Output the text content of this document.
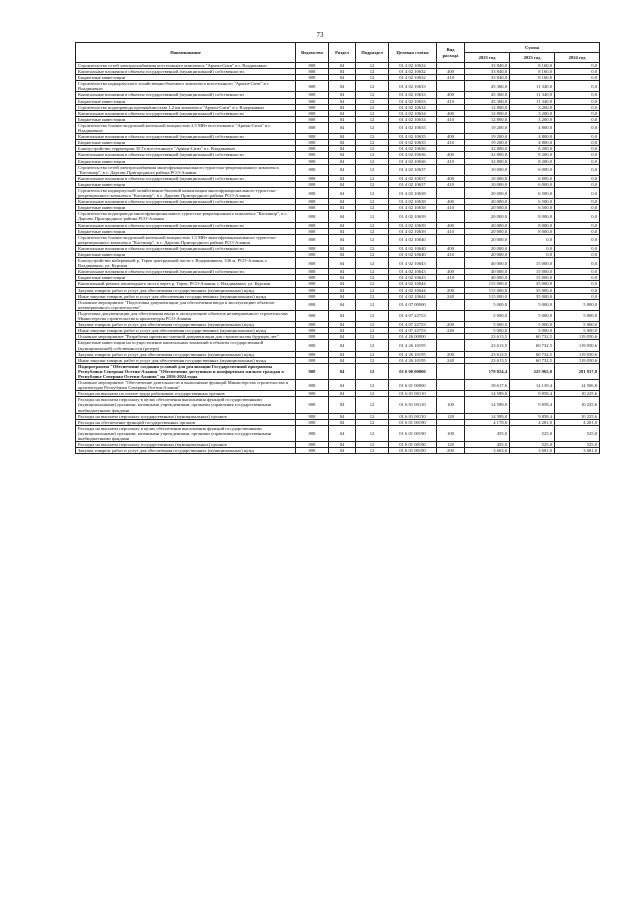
73
Наименование	Ведомство	Раздел	Подраздел	Целевая статья	Вид расхода	Сумма		
						2023 год	2023 год	2024 год
Строительство сетей электроснабжения всесезонного комплекса "Армхи-Сити" в г. Владикавказ	808	04	12	01 4 02 10632		33 840,0	8 160,0	0,0
Капитальные вложения в объекты государственной (муниципальной) собственности	808	04	12	01 4 02 10632	400	33 840,0	8 160,0	0,0
Бюджетные инвестиции	808	04	12	01 4 02 10632	410	33 840,0	8 160,0	0,0
Строительство надкорпусного хозяйственно-бытового комплекса всесезонного "Армхи-Сити" в г. Владикавказ	808	04	12	01 4 02 10633		45 360,0	11 340,0	0,0
Капитальные вложения в объекты государственной (муниципальной) собственности	808	04	12	01 4 02 10633	400	45 360,0	11 340,0	0,0
Бюджетные инвестиции	808	04	12	01 4 02 10633	410	45 360,0	11 340,0	0,0
Строительство водопровода протяжённостью 1,2 км комплекса "Армхи-Сити" в г. Владикавказ	808	04	12	01 4 02 10634		12 800,0	3 200,0	0,0
Капитальные вложения в объекты государственной (муниципальной) собственности	808	04	12	01 4 02 10634	400	12 800,0	3 200,0	0,0
Бюджетные инвестиции	808	04	12	01 4 02 10634	410	12 800,0	3 200,0	0,0
Строительство блочно-модульной котельной мощностью 2,5 МВт всесезонного "Армхи-Сити" в г. Владикавказ	808	04	12	01 4 02 10635		19 200,0	4 800,0	0,0
Капитальные вложения в объекты государственной (муниципальной) собственности	808	04	12	01 4 02 10635	400	19 200,0	4 800,0	0,0
Бюджетные инвестиции	808	04	12	01 4 02 10635	410	19 200,0	4 800,0	0,0
Благоустройство территории 35 Га всесезонного "Армхи-Сити" в г. Владикавказ	808	04	12	01 4 02 10636		32 800,0	8 200,0	0,0
Капитальные вложения в объекты государственной (муниципальной) собственности	808	04	12	01 4 02 10636	400	32 800,0	8 200,0	0,0
Бюджетные инвестиции	808	04	12	01 4 02 10636	410	32 800,0	8 200,0	0,0
Строительство сетей электроснабжения многофункционального туристско-рекреационного комплекса "Кастинор", в с. Даргавс Пригородного района РСО-Алания	808	04	12	01 4 02 10637		10 000,0	6 000,0	0,0
Капитальные вложения в объекты государственной (муниципальной) собственности	808	04	12	01 4 02 10637	400	10 000,0	6 000,0	0,0
Бюджетные инвестиции	808	04	12	01 4 02 10637	410	10 000,0	6 000,0	0,0
Строительство надкорпусной хозяйственно-бытовой канализации многофункционального туристско-рекреационного комплекса "Кастинор", в с. Даргавс Пригородного района РСО-Алания	808	04	12	01 4 02 10638		20 000,0	6 500,0	0,0
Капитальные вложения в объекты государственной (муниципальной) собственности	808	04	12	01 4 02 10638	400	20 000,0	6 500,0	0,0
Бюджетные инвестиции	808	04	12	01 4 02 10638	410	20 000,0	6 500,0	0,0
Строительство водопровода многофункционального туристско-рекреационного комплекса "Кастинор", в с. Даргавс Пригородного района РСО-Алания	808	04	12	01 4 02 10639		20 000,0	8 000,0	0,0
Капитальные вложения в объекты государственной (муниципальной) собственности	808	04	12	01 4 02 10639	400	20 000,0	8 000,0	0,0
Бюджетные инвестиции	808	04	12	01 4 02 10639	410	20 000,0	8 000,0	0,0
Строительство блочно-модульной котельной мощностью 1,5 МВт многофункционального туристско-рекреационного комплекса "Кастинор", в с. Даргавс Пригородного района РСО-Алания	808	04	12	01 4 02 10640		20 000,0	0,0	0,0
Капитальные вложения в объекты государственной (муниципальной) собственности	808	04	12	01 4 02 10640	400	20 000,0	0,0	0,0
Бюджетные инвестиции	808	04	12	01 4 02 10640	410	20 000,0	0,0	0,0
Благоустройство набережной р. Терек центральной части г. Владикавказа, 336 м, РСО-Алания, г. Владикавказ, ул. Курская	808	04	12	01 4 02 10643		40 000,0	15 000,0	0,0
Капитальные вложения в объекты государственной (муниципальной) собственности	808	04	12	01 4 02 10643	400	40 000,0	15 000,0	0,0
Бюджетные инвестиции	808	04	12	01 4 02 10643	410	40 000,0	15 000,0	0,0
Капитальный ремонт пешеходного моста через р. Терек, РСО-Алания, г. Владикавказ, ул. Курская	808	04	12	01 4 02 10644		115 000,0	35 000,0	0,0
Закупка товаров, работ и услуг для обеспечения государственных (муниципальных) нужд	808	04	12	01 4 02 10644	200	115 000,0	35 000,0	0,0
Иные закупки товаров, работ и услуг для обеспечения государственных (муниципальных) нужд	808	04	12	01 4 02 10644	240	115 000,0	35 000,0	0,0
Основное мероприятие "Подготовка документации для обеспечения ввода в эксплуатацию объектов незавершенного строительства"	808	04	12	01 4 07 00000		5 000,0	5 000,0	5 000,0
Подготовка документации для обеспечения ввода в эксплуатацию объектов незавершенного строительства Министерства строительства и архитектуры РСО-Алания	808	04	12	01 4 07 22753		5 000,0	5 000,0	5 000,0
Закупка товаров, работ и услуг для обеспечения государственных (муниципальных) нужд	808	04	12	01 4 07 22753	200	5 000,0	5 000,0	5 000,0
Иные закупки товаров, работ и услуг для обеспечения государственных (муниципальных) нужд	808	04	12	01 4 07 22753	240	5 000,0	5 000,0	5 000,0
Основное мероприятие "Разработка проектно-сметной документации для строительства будущих лет"	808	04	12	01 4 26 00000		23 613,5	60 732,5	119 050,6
Бюджетные инвестиции на осуществление капитальных вложений в объекты государственной (муниципальной) собственности (резерв)	808	04	12	01 4 26 10195		23 613,5	60 732,5	119 050,6
Закупка товаров, работ и услуг для обеспечения государственных (муниципальных) нужд	808	04	12	01 4 26 10195	200	23 613,5	60 732,5	119 050,6
Иные закупки товаров, работ и услуг для обеспечения государственных (муниципальных) нужд	808	04	12	01 4 26 10195	240	23 613,5	60 732,5	119 050,6
Подпрограмма "Обеспечение создания условий для реализации Государственной программы Республики Северная Осетия-Алания "Обеспечение доступным и комфортным жильем граждан в Республике Северная Осетия-Алания" на 2016-2024 годы	808	04	12	01 6 00 00000		179 824,4	225 965,0	281 917,8
Основное мероприятие "Обеспечение деятельности и выполнение функций Министерства строительства и архитектуры Республики Северная Осетия-Алания"	808	04	12	01 6 01 00000		18 617,6	14 139,4	14 506,8
Расходы на выплаты по оплате труда работников государственных органов	808	04	12	01 6 01 00110		14 589,0	9 858,4	10 225,6
Расходы на выплаты персоналу в целях обеспечения выполнения функций государственными (муниципальными) органами, казенными учреждениями, органами управления государственными внебюджетными фондами	808	04	12	01 6 01 00110	100	14 589,0	9 858,4	10 225,6
Расходы на выплаты персоналу государственных (муниципальных) органов	808	04	12	01 6 01 00110	120	14 589,0	9 858,4	10 225,6
Расходы на обеспечение функций государственных органов	808	04	12	01 6 01 00190		4 178,6	4 281,0	4 281,0
Расходы на выплаты персоналу в целях обеспечения выполнения функций государственными (муниципальными) органами, казенными учреждениями, органами управления государственными внебюджетными фондами	808	04	12	01 6 01 00190	100	455,0	525,0	525,0
Расходы на выплаты персоналу государственных (муниципальных) органов	808	04	12	01 6 01 00190	120	455,0	525,0	525,0
Закупка товаров, работ и услуг для обеспечения государственных (муниципальных) нужд	808	04	12	01 6 01 00190	200	3 663,6	3 681,0	3 681,0
